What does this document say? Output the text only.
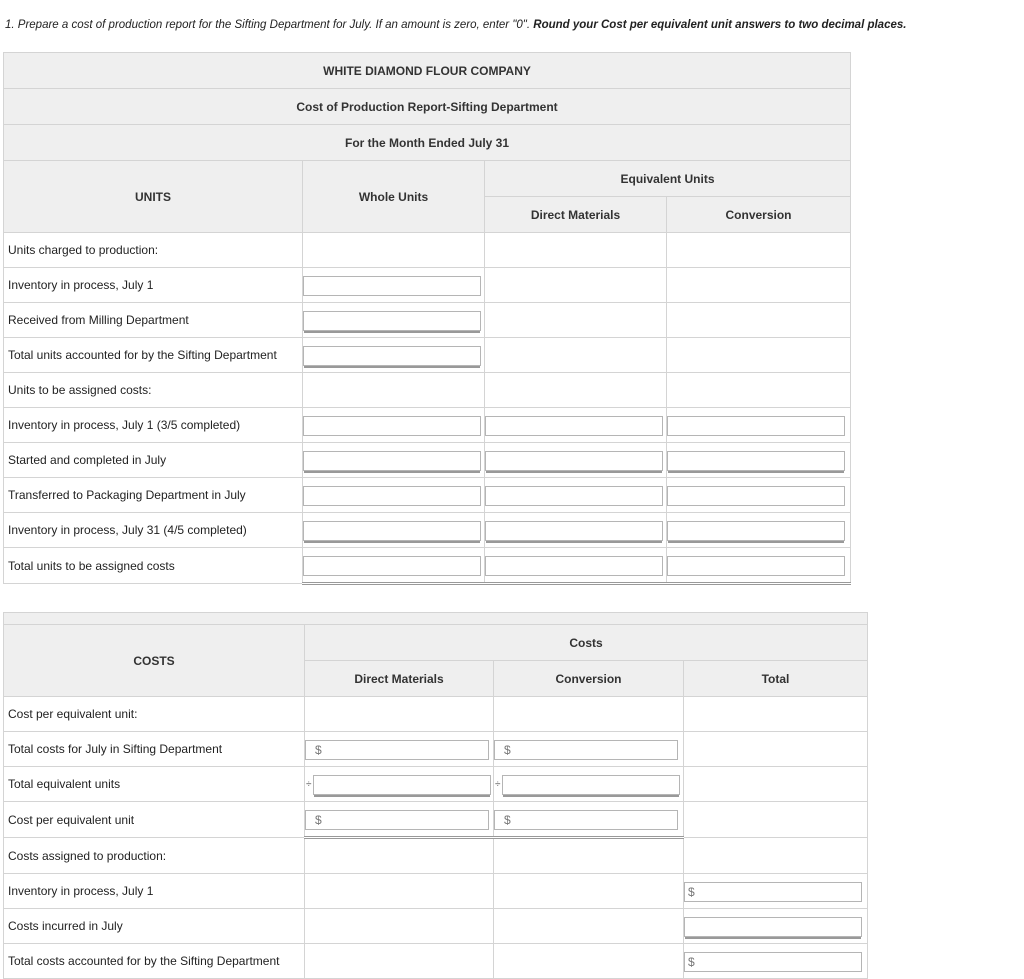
1. Prepare a cost of production report for the Sifting Department for July. If an amount is zero, enter "0". Round your Cost per equivalent unit answers to two decimal places.
WHITE DIAMOND FLOUR COMPANY			
Cost of Production Report-Sifting Department			
For the Month Ended July 31			
UNITS	Whole Units	Equivalent Units	
		Direct Materials	Conversion
Units charged to production:			
Inventory in process, July 1	

Received from Milling Department	

Total units accounted for by the Sifting Department	

Units to be assigned costs:			
Inventory in process, July 1 (3/5 completed)	

Started and completed in July	

Transferred to Packaging Department in July	

Inventory in process, July 31 (4/5 completed)	

Total units to be assigned costs	

COSTS	Costs		
	Direct Materials	Conversion	Total
Cost per equivalent unit:			
Total costs for July in Sifting Department	$	$	

Total equivalent units	÷	÷	

Cost per equivalent unit	$	$	

Costs assigned to production:			
Inventory in process, July 1			$

Costs incurred in July			

Total costs accounted for by the Sifting Department			$
